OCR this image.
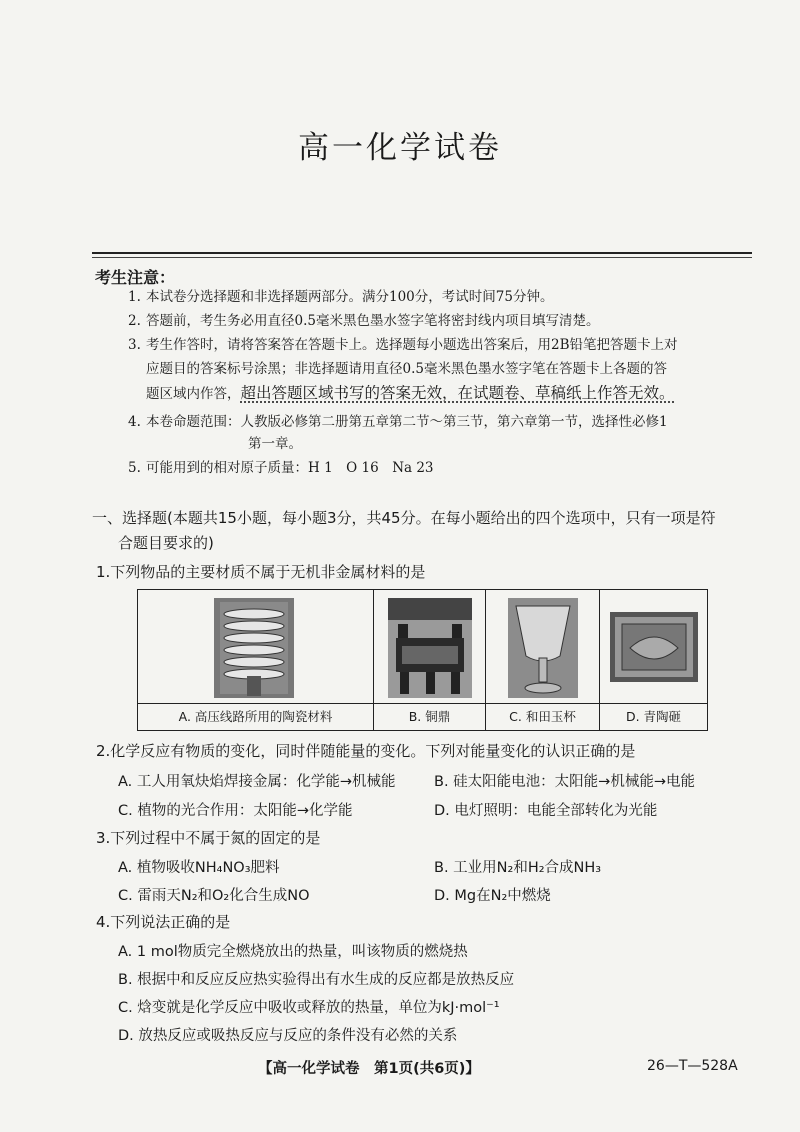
高一化学试卷
考生注意：
1. 本试卷分选择题和非选择题两部分。满分100分，考试时间75分钟。
2. 答题前，考生务必用直径0.5毫米黑色墨水签字笔将密封线内项目填写清楚。
3. 考生作答时，请将答案答在答题卡上。选择题每小题选出答案后，用2B铅笔把答题卡上对
应题目的答案标号涂黑；非选择题请用直径0.5毫米黑色墨水签字笔在答题卡上各题的答
题区域内作答，超出答题区域书写的答案无效，在试题卷、草稿纸上作答无效。
4. 本卷命题范围：人教版必修第二册第五章第二节～第三节，第六章第一节，选择性必修1
第一章。
5. 可能用到的相对原子质量：H 1　O 16　Na 23
一、选择题(本题共15小题，每小题3分，共45分。在每小题给出的四个选项中，只有一项是符
合题目要求的)
1.下列物品的主要材质不属于无机非金属材料的是
A. 高压线路所用的陶瓷材料	B. 铜鼎	C. 和田玉杯	D. 青陶砸
2.化学反应有物质的变化，同时伴随能量的变化。下列对能量变化的认识正确的是
A. 工人用氧炔焰焊接金属：化学能→机械能	B. 硅太阳能电池：太阳能→机械能→电能
C. 植物的光合作用：太阳能→化学能	D. 电灯照明：电能全部转化为光能
3.下列过程中不属于氮的固定的是
A. 植物吸收NH₄NO₃肥料	B. 工业用N₂和H₂合成NH₃
C. 雷雨天N₂和O₂化合生成NO	D. Mg在N₂中燃烧
4.下列说法正确的是
A. 1 mol物质完全燃烧放出的热量，叫该物质的燃烧热
B. 根据中和反应反应热实验得出有水生成的反应都是放热反应
C. 焓变就是化学反应中吸收或释放的热量，单位为kJ·mol⁻¹
D. 放热反应或吸热反应与反应的条件没有必然的关系
【高一化学试卷　第1页(共6页)】	26—T—528A
